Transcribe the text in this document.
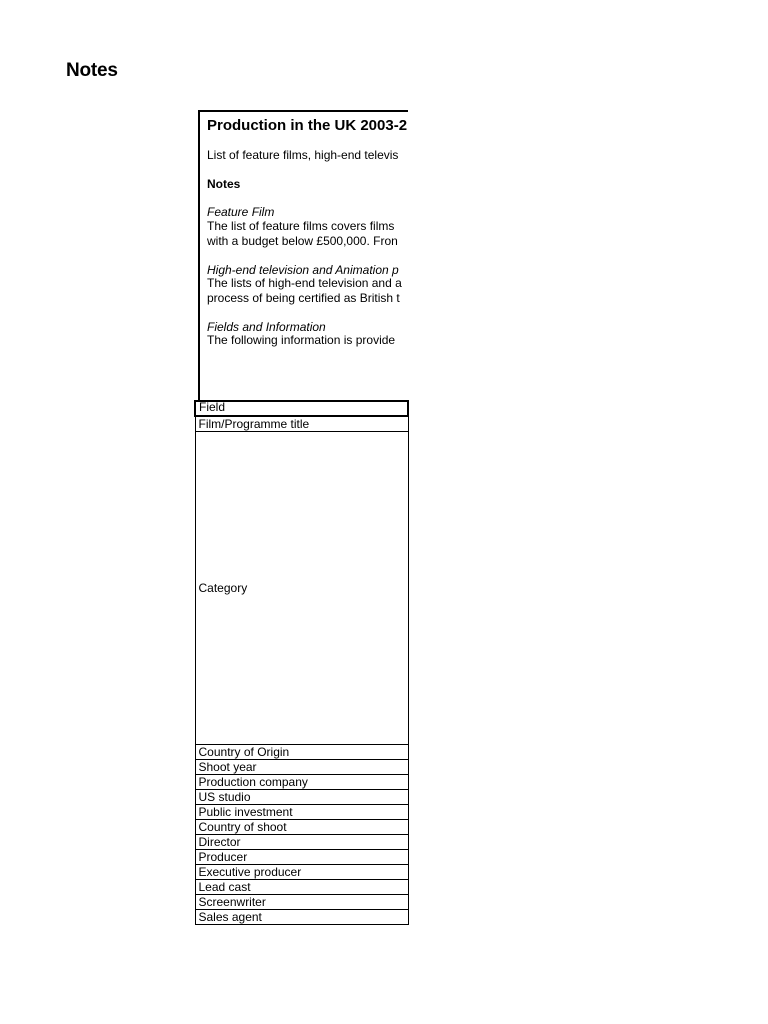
Notes
Production in the UK 2003-2
List of feature films, high-end televis
Notes
Feature Film
The list of feature films covers films
with a budget below £500,000. Fron
High-end television and Animation p
The lists of high-end television and a
process of being certified as British t
Fields and Information
The following information is provide
Field
Film/Programme title
Category
Country of Origin
Shoot year
Production company
US studio
Public investment
Country of shoot
Director
Producer
Executive producer
Lead cast
Screenwriter
Sales agent
